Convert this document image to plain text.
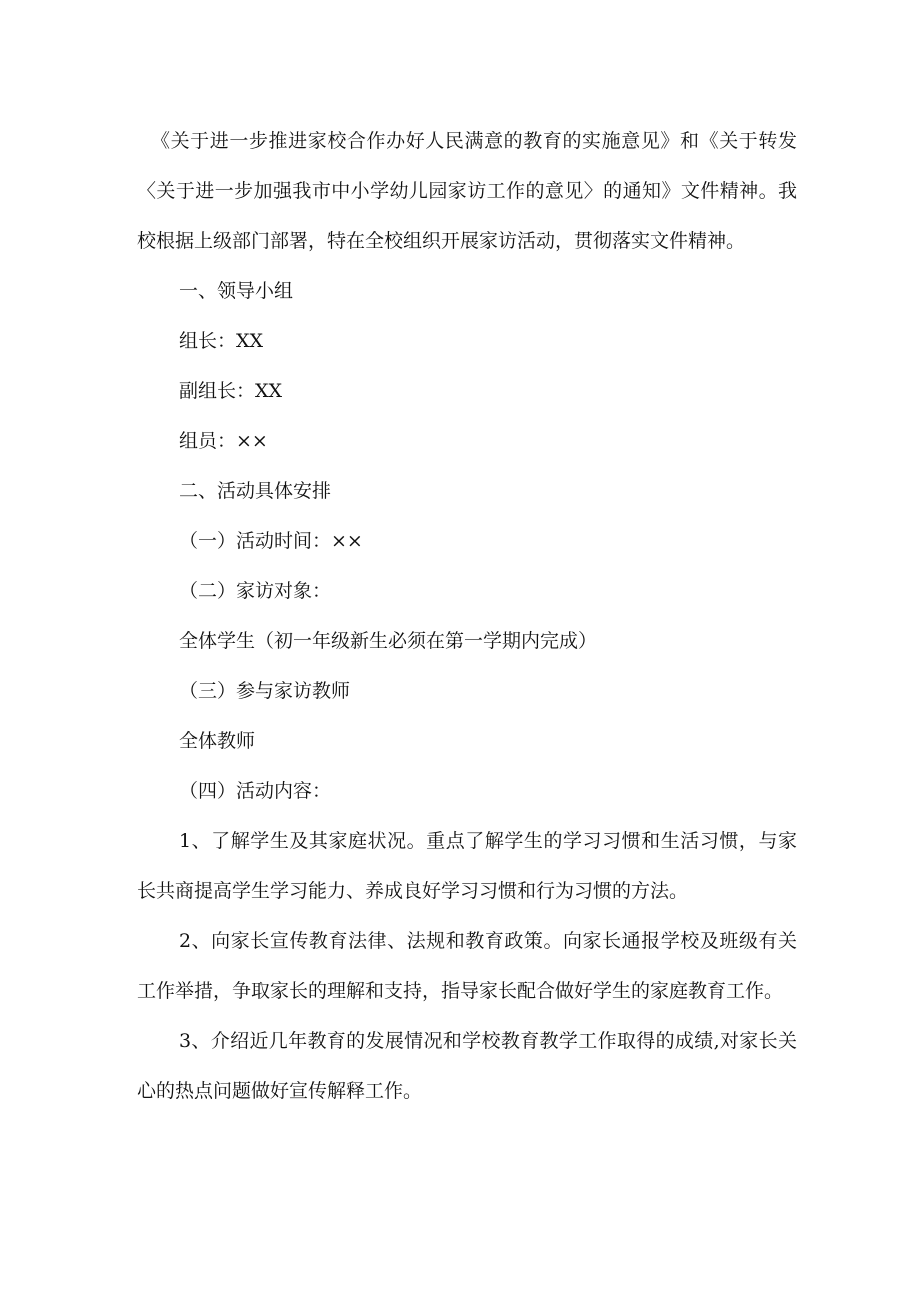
《关于进一步推进家校合作办好人民满意的教育的实施意见》和《关于转发〈关于进一步加强我市中小学幼儿园家访工作的意见〉的通知》文件精神。我校根据上级部门部署，特在全校组织开展家访活动，贯彻落实文件精神。

一、领导小组

组长：XX

副组长：XX

组员：××

二、活动具体安排

（一）活动时间：××

（二）家访对象：

全体学生（初一年级新生必须在第一学期内完成）

（三）参与家访教师

全体教师

（四）活动内容：

1、了解学生及其家庭状况。重点了解学生的学习习惯和生活习惯，与家长共商提高学生学习能力、养成良好学习习惯和行为习惯的方法。

2、向家长宣传教育法律、法规和教育政策。向家长通报学校及班级有关工作举措，争取家长的理解和支持，指导家长配合做好学生的家庭教育工作。

3、介绍近几年教育的发展情况和学校教育教学工作取得的成绩,对家长关心的热点问题做好宣传解释工作。
